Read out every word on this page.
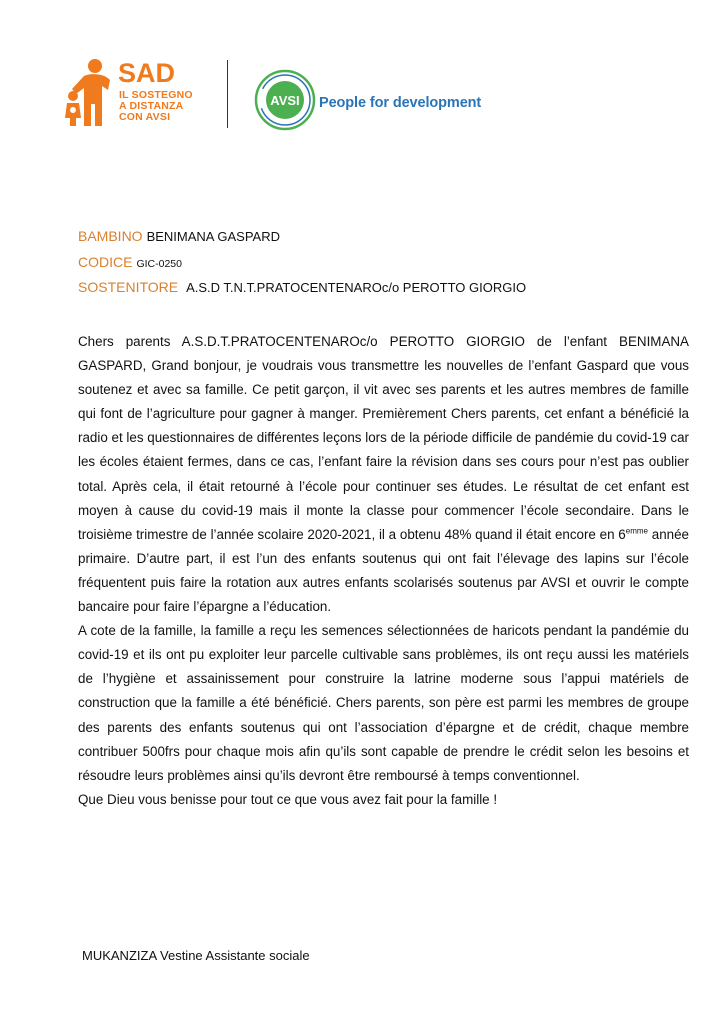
SAD
IL SOSTEGNO
A DISTANZA
CON AVSI
AVSI People for development
BAMBINO BENIMANA GASPARD
CODICE GIC-0250
SOSTENITORE A.S.D T.N.T.PRATOCENTENAROc/o PEROTTO GIORGIO

Chers parents A.S.D.T.PRATOCENTENAROc/o PEROTTO GIORGIO de l’enfant BENIMANA GASPARD, Grand bonjour, je voudrais vous transmettre les nouvelles de l’enfant Gaspard que vous soutenez et avec sa famille. Ce petit garçon, il vit avec ses parents et les autres membres de famille qui font de l’agriculture pour gagner à manger. Premièrement Chers parents, cet enfant a bénéficié la radio et les questionnaires de différentes leçons lors de la période difficile de pandémie du covid-19 car les écoles étaient fermes, dans ce cas, l’enfant faire la révision dans ses cours pour n’est pas oublier total. Après cela, il était retourné à l’école pour continuer ses études. Le résultat de cet enfant est moyen à cause du covid-19 mais il monte la classe pour commencer l’école secondaire. Dans le troisième trimestre de l’année scolaire 2020-2021, il a obtenu 48% quand il était encore en $6^{emme}$ année primaire. D’autre part, il est l’un des enfants soutenus qui ont fait l’élevage des lapins sur l’école fréquentent puis faire la rotation aux autres enfants scolarisés soutenus par AVSI et ouvrir le compte bancaire pour faire l’épargne a l’éducation.

A cote de la famille, la famille a reçu les semences sélectionnées de haricots pendant la pandémie du covid-19 et ils ont pu exploiter leur parcelle cultivable sans problèmes, ils ont reçu aussi les matériels de l’hygiène et assainissement pour construire la latrine moderne sous l’appui matériels de construction que la famille a été bénéficié. Chers parents, son père est parmi les membres de groupe des parents des enfants soutenus qui ont l’association d’épargne et de crédit, chaque membre contribuer 500frs pour chaque mois afin qu’ils sont capable de prendre le crédit selon les besoins et résoudre leurs problèmes ainsi qu’ils devront être remboursé à temps conventionnel.

Que Dieu vous benisse pour tout ce que vous avez fait pour la famille !

MUKANZIZA Vestine Assistante sociale
